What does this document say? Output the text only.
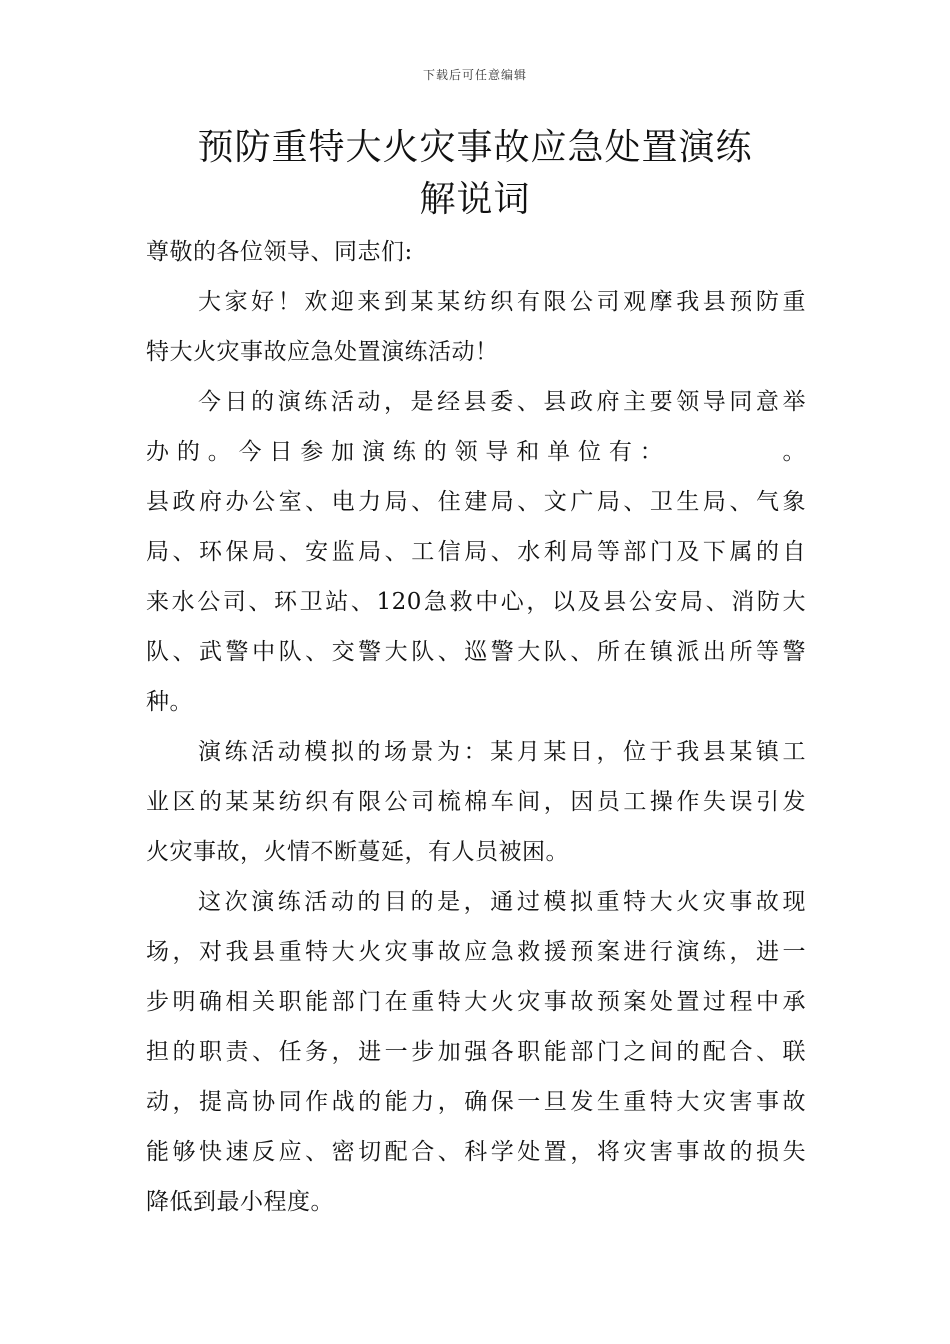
下载后可任意编辑
预防重特大火灾事故应急处置演练
解说词
尊敬的各位领导、同志们:
大家好！欢迎来到某某纺织有限公司观摩我县预防重
特大火灾事故应急处置演练活动！
今日的演练活动，是经县委、县政府主要领导同意举
办的。今日参加演练的领导和单位有：　　　　。
县政府办公室、电力局、住建局、文广局、卫生局、气象
局、环保局、安监局、工信局、水利局等部门及下属的自
来水公司、环卫站、120急救中心，以及县公安局、消防大
队、武警中队、交警大队、巡警大队、所在镇派出所等警
种。
演练活动模拟的场景为：某月某日，位于我县某镇工
业区的某某纺织有限公司梳棉车间，因员工操作失误引发
火灾事故，火情不断蔓延，有人员被困。
这次演练活动的目的是，通过模拟重特大火灾事故现
场，对我县重特大火灾事故应急救援预案进行演练，进一
步明确相关职能部门在重特大火灾事故预案处置过程中承
担的职责、任务，进一步加强各职能部门之间的配合、联
动，提高协同作战的能力，确保一旦发生重特大灾害事故
能够快速反应、密切配合、科学处置，将灾害事故的损失
降低到最小程度。
